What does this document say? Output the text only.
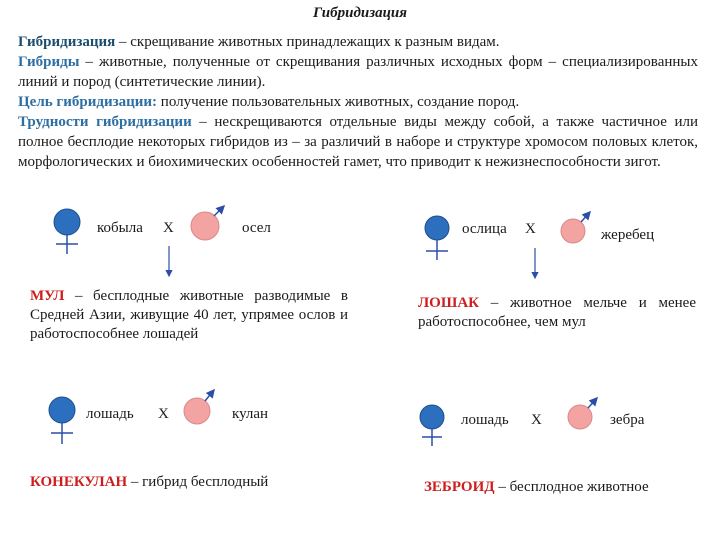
Гибридизация

Гибридизация – скрещивание животных принадлежащих к разным видам.

Гибриды – животные, полученные от скрещивания различных исходных форм – специализированных линий и пород (синтетические линии).

Цель гибридизации: получение пользовательных животных, создание пород.

Трудности гибридизации – нескрещиваются отдельные виды между собой, а также частичное или полное бесплодие некоторых гибридов из – за различий в наборе и структуре хромосом половых клеток, морфологических и биохимических особенностей гамет, что приводит к нежизнеспособности зигот.

кобыла Х	осел
МУЛ – бесплодные животные разводимые в Средней Азии, живущие 40 лет, упрямее ослов и работоспособнее лошадей
ослица Х	жеребец
ЛОШАК – животное мельче и менее работоспособнее, чем мул
лошадь Х	кулан
КОНЕКУЛАН – гибрид бесплодный
лошадь Х	зебра
ЗЕБРОИД – бесплодное животное
